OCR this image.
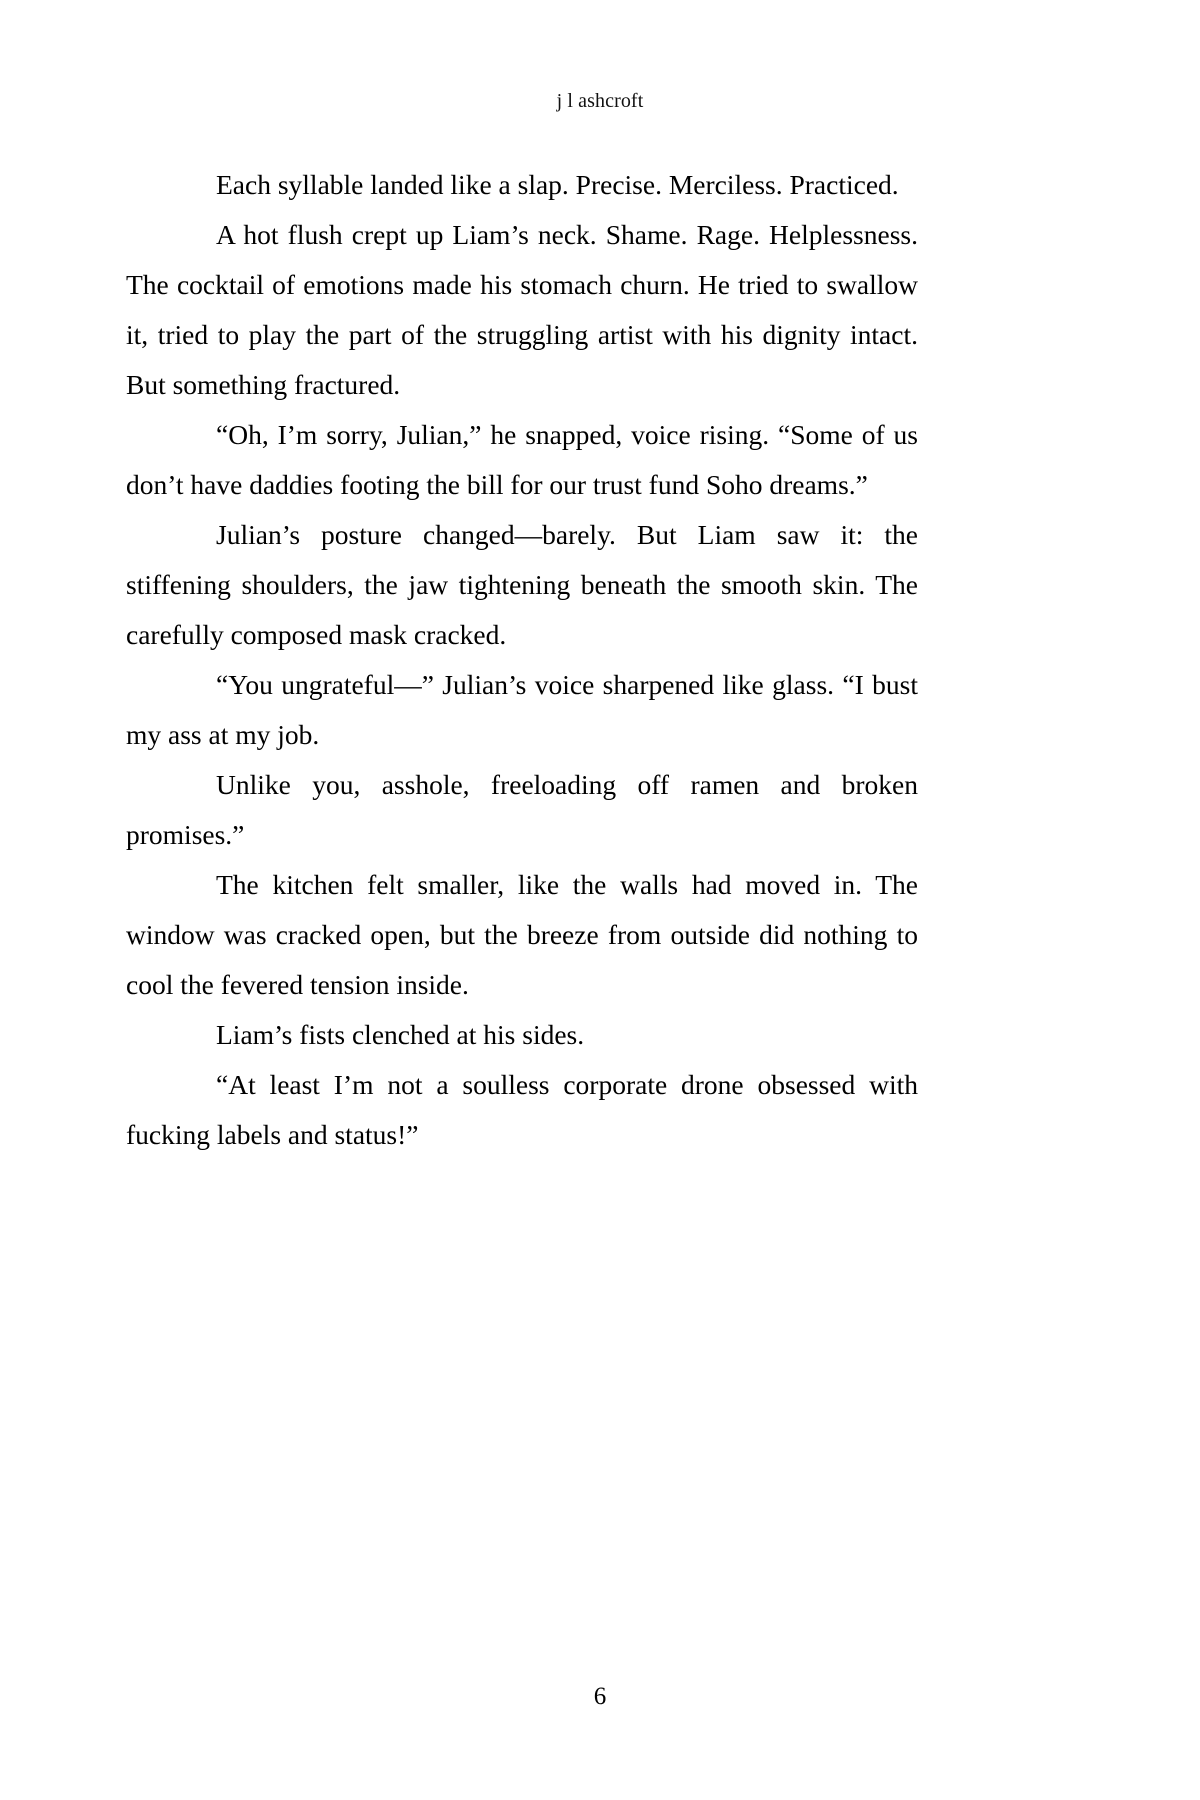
j l ashcroft

Each syllable landed like a slap. Precise. Merciless. Practiced.

A hot flush crept up Liam’s neck. Shame. Rage. Helplessness. The cocktail of emotions made his stomach churn. He tried to swallow it, tried to play the part of the struggling artist with his dignity intact. But something fractured.

“Oh, I’m sorry, Julian,” he snapped, voice rising. “Some of us don’t have daddies footing the bill for our trust fund Soho dreams.”

Julian’s posture changed—barely. But Liam saw it: the stiffening shoulders, the jaw tightening beneath the smooth skin. The carefully composed mask cracked.

“You ungrateful—” Julian’s voice sharpened like glass. “I bust my ass at my job.

Unlike you, asshole, freeloading off ramen and broken promises.”

The kitchen felt smaller, like the walls had moved in. The window was cracked open, but the breeze from outside did nothing to cool the fevered tension inside.

Liam’s fists clenched at his sides.

“At least I’m not a soulless corporate drone obsessed with fucking labels and status!”

6
